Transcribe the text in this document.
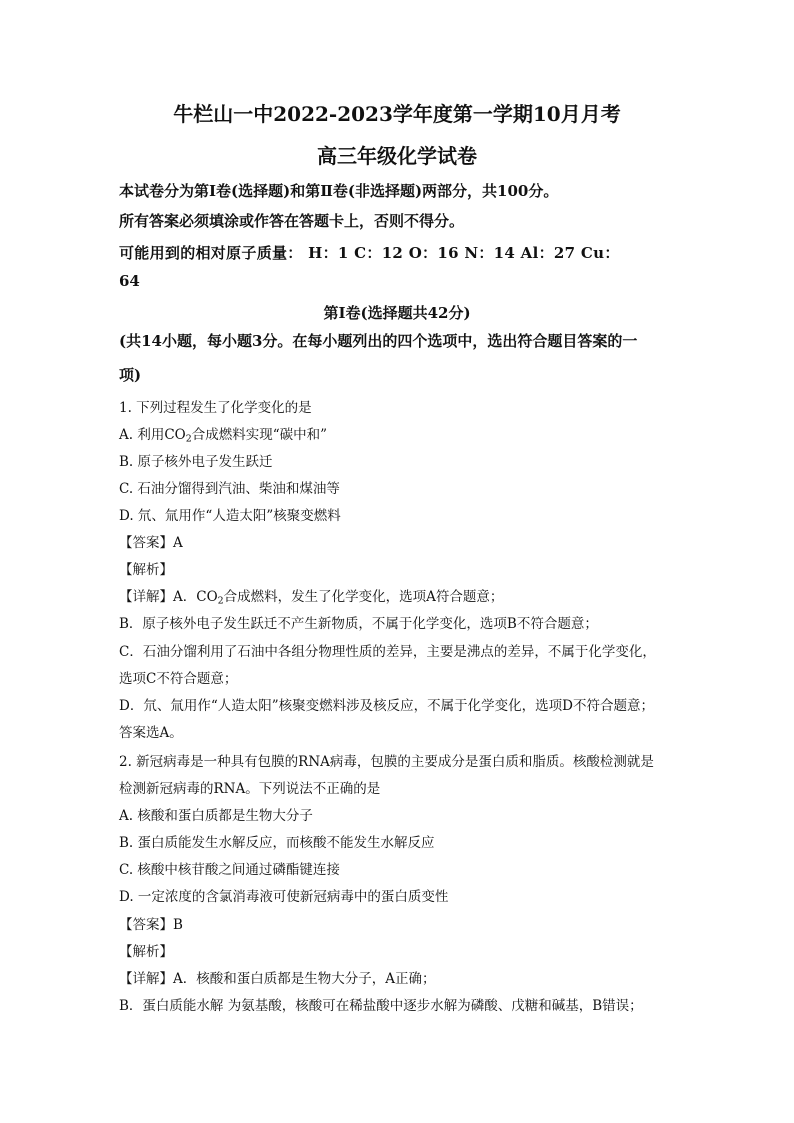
牛栏山一中2022-2023学年度第一学期10月月考
高三年级化学试卷
本试卷分为第Ⅰ卷(选择题)和第Ⅱ卷(非选择题)两部分，共100分。
所有答案必须填涂或作答在答题卡上，否则不得分。
可能用到的相对原子质量： H：1 C：12 O：16 N：14 Al：27 Cu：
64
第Ⅰ卷(选择题共42分)
(共14小题，每小题3分。在每小题列出的四个选项中，选出符合题目答案的一
项)
1. 下列过程发生了化学变化的是
A. 利用$CO_2$合成燃料实现“碳中和”
B. 原子核外电子发生跃迁
C. 石油分馏得到汽油、柴油和煤油等
D. 氘、氚用作“人造太阳”核聚变燃料
【答案】A
【解析】
【详解】A．$CO_2$合成燃料，发生了化学变化，选项A符合题意；
B．原子核外电子发生跃迁不产生新物质，不属于化学变化，选项B不符合题意；
C．石油分馏利用了石油中各组分物理性质的差异，主要是沸点的差异，不属于化学变化，
选项C不符合题意；
D．氘、氚用作“人造太阳”核聚变燃料涉及核反应，不属于化学变化，选项D不符合题意；
答案选A。
2. 新冠病毒是一种具有包膜的RNA病毒，包膜的主要成分是蛋白质和脂质。核酸检测就是
检测新冠病毒的RNA。下列说法不正确的是
A. 核酸和蛋白质都是生物大分子
B. 蛋白质能发生水解反应，而核酸不能发生水解反应
C. 核酸中核苷酸之间通过磷酯键连接
D. 一定浓度的含氯消毒液可使新冠病毒中的蛋白质变性
【答案】B
【解析】
【详解】A．核酸和蛋白质都是生物大分子，A正确；
B．蛋白质能水解 为氨基酸，核酸可在稀盐酸中逐步水解为磷酸、戊糖和碱基，B错误；
